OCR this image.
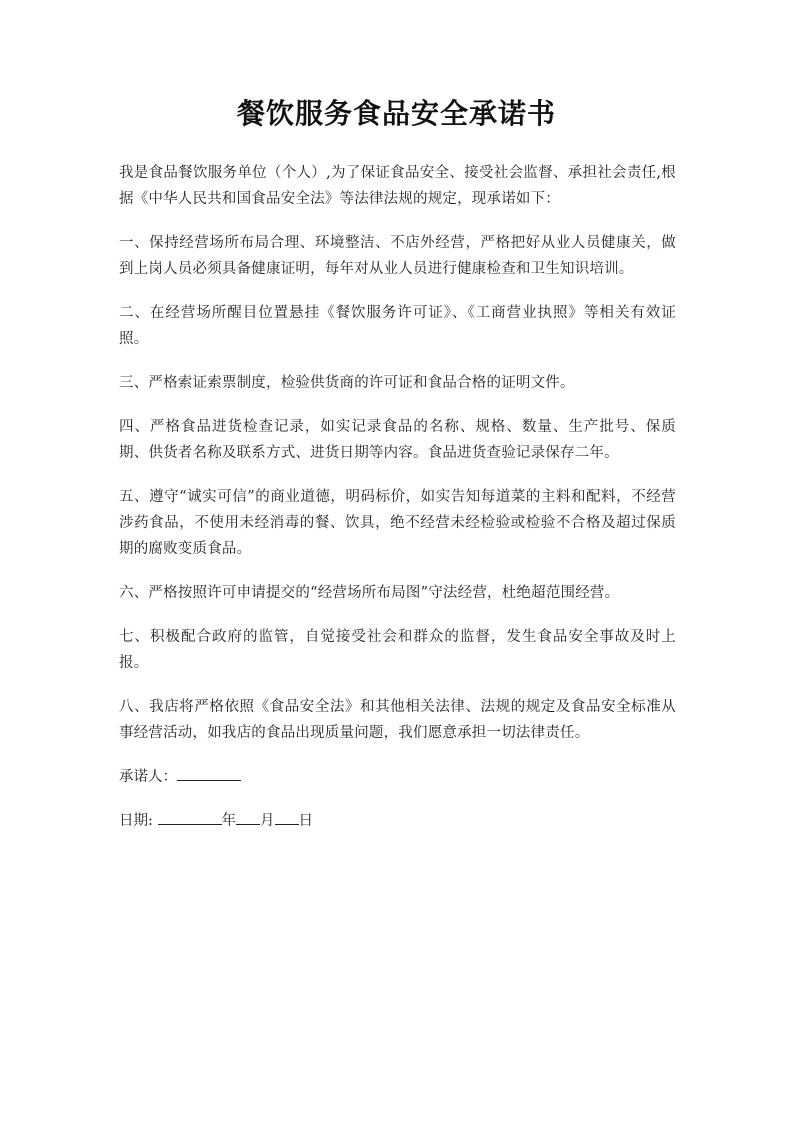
餐饮服务食品安全承诺书

我是食品餐饮服务单位（个人）,为了保证食品安全、接受社会监督、承担社会责任,根据《中华人民共和国食品安全法》等法律法规的规定，现承诺如下：

一、保持经营场所布局合理、环境整洁、不店外经营，严格把好从业人员健康关，做到上岗人员必须具备健康证明，每年对从业人员进行健康检查和卫生知识培训。

二、在经营场所醒目位置悬挂《餐饮服务许可证》、《工商营业执照》等相关有效证照。

三、严格索证索票制度，检验供货商的许可证和食品合格的证明文件。

四、严格食品进货检查记录，如实记录食品的名称、规格、数量、生产批号、保质期、供货者名称及联系方式、进货日期等内容。食品进货查验记录保存二年。

五、遵守“诚实可信”的商业道德，明码标价，如实告知每道菜的主料和配料，不经营涉药食品，不使用未经消毒的餐、饮具，绝不经营未经检验或检验不合格及超过保质期的腐败变质食品。

六、严格按照许可申请提交的“经营场所布局图”守法经营，杜绝超范围经营。

七、积极配合政府的监管，自觉接受社会和群众的监督，发生食品安全事故及时上报。

八、我店将严格依照《食品安全法》和其他相关法律、法规的规定及食品安全标准从事经营活动，如我店的食品出现质量问题，我们愿意承担一切法律责任。

承诺人：
日期:	年 月 日
